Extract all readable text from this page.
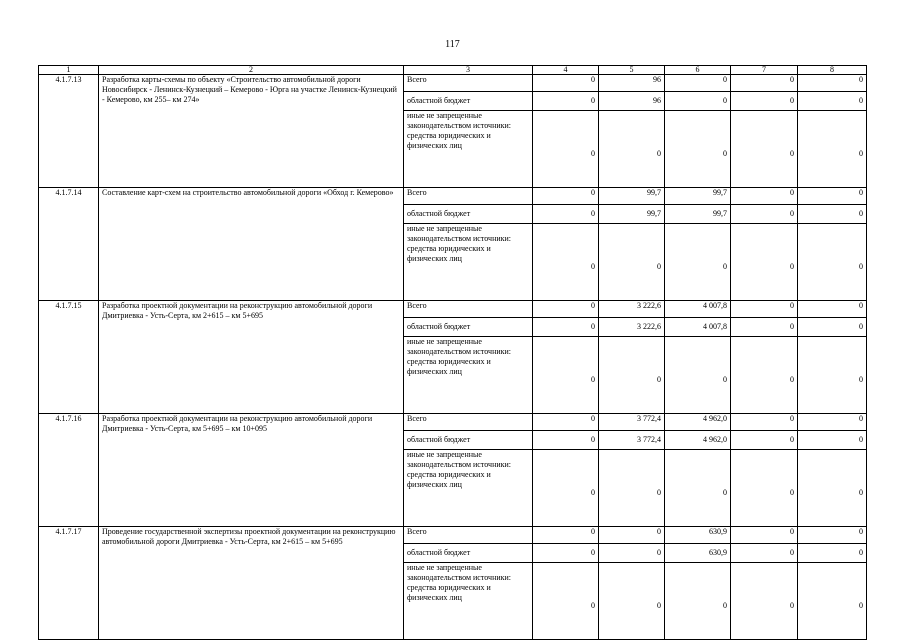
117
1	2	3	4	5	6	7	8
4.1.7.13	Разработка карты-схемы по объекту «Строительство автомобильной дороги Новосибирск - Ленинск-Кузнецкий – Кемерово - Юрга на участке Ленинск-Кузнецкий - Кемерово, км 255– км 274»	Всего	0	96	0	0	0
		областной бюджет	0	96	0	0	0
		иные не запрещенные законодательством источники: средства юридических и физических лиц	0	0	0	0	0
4.1.7.14	Составление карт-схем на строительство автомобильной дороги «Обход г. Кемерово»	Всего	0	99,7	99,7	0	0
		областной бюджет	0	99,7	99,7	0	0
		иные не запрещенные законодательством источники: средства юридических и физических лиц	0	0	0	0	0
4.1.7.15	Разработка проектной документации на реконструкцию автомобильной дороги Дмитриевка - Усть-Серта, км 2+615 – км 5+695	Всего	0	3 222,6	4 007,8	0	0
		областной бюджет	0	3 222,6	4 007,8	0	0
		иные не запрещенные законодательством источники: средства юридических и физических лиц	0	0	0	0	0
4.1.7.16	Разработка проектной документации на реконструкцию автомобильной дороги Дмитриевка - Усть-Серта, км 5+695 – км 10+095	Всего	0	3 772,4	4 962,0	0	0
		областной бюджет	0	3 772,4	4 962,0	0	0
		иные не запрещенные законодательством источники: средства юридических и физических лиц	0	0	0	0	0
4.1.7.17	Проведение государственной экспертизы проектной документации на реконструкцию автомобильной дороги Дмитриевка - Усть-Серта, км 2+615 – км 5+695	Всего	0	0	630,9	0	0
		областной бюджет	0	0	630,9	0	0
		иные не запрещенные законодательством источники: средства юридических и физических лиц	0	0	0	0	0
